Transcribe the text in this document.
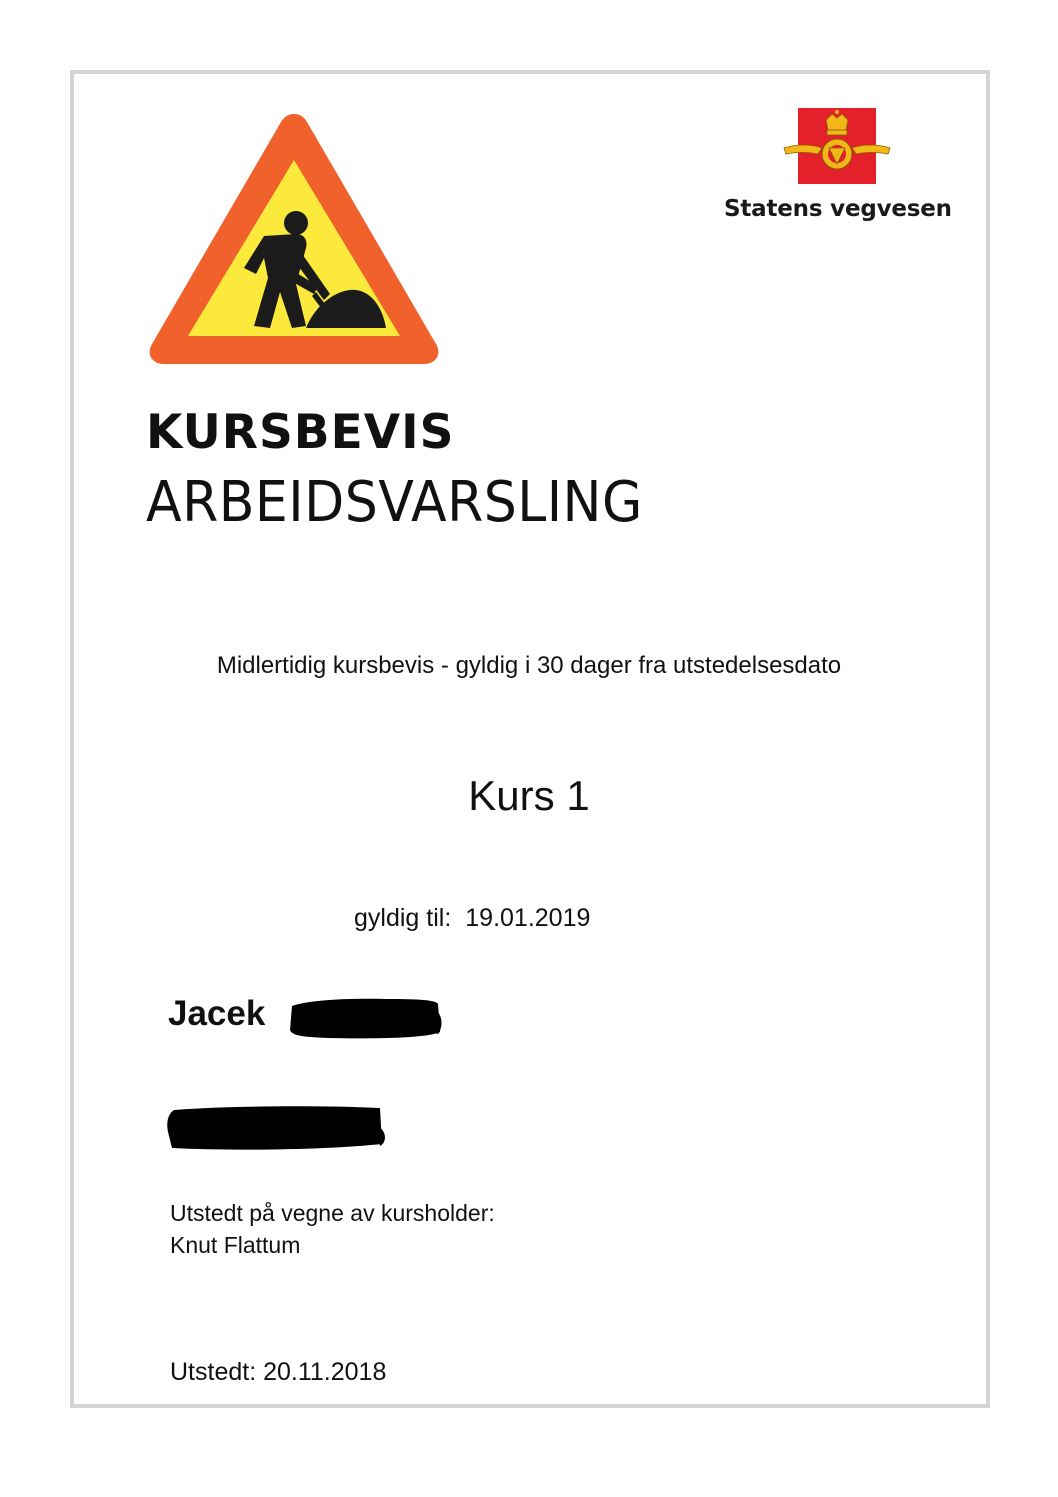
Statens vegvesen
KURSBEVIS
ARBEIDSVARSLING
Midlertidig kursbevis - gyldig i 30 dager fra utstedelsesdato
Kurs 1
gyldig til: 19.01.2019
Jacek
Utstedt på vegne av kursholder:
Knut Flattum
Utstedt: 20.11.2018
